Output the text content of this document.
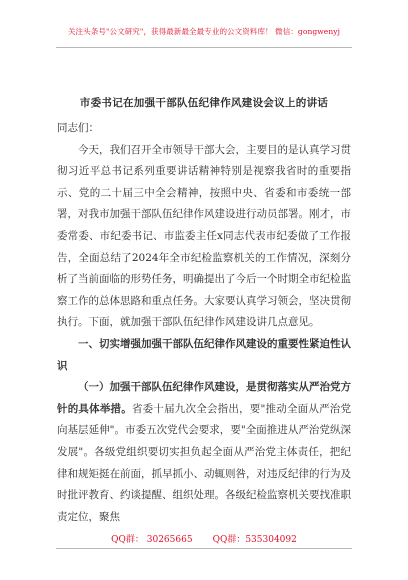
关注头条号"公文研究"，获得最新最全最专业的公文资料库！ 微信：gongwenyj
市委书记在加强干部队伍纪律作风建设会议上的讲话

同志们：

今天，我们召开全市领导干部大会，主要目的是认真学习贯彻习近平总书记系列重要讲话精神特别是视察我省时的重要指示、党的二十届三中全会精神，按照中央、省委和市委统一部署，对我市加强干部队伍纪律作风建设进行动员部署。刚才，市委常委、市纪委书记、市监委主任x同志代表市纪委做了工作报告，全面总结了2024年全市纪检监察机关的工作情况，深刻分析了当前面临的形势任务，明确提出了今后一个时期全市纪检监察工作的总体思路和重点任务。大家要认真学习领会，坚决贯彻执行。下面，就加强干部队伍纪律作风建设讲几点意见。

一、切实增强加强干部队伍纪律作风建设的重要性紧迫性认识

（一）加强干部队伍纪律作风建设，是贯彻落实从严治党方针的具体举措。省委十届九次全会指出，要"推动全面从严治党向基层延伸"。市委五次党代会要求，要"全面推进从严治党纵深发展"。各级党组织要切实担负起全面从严治党主体责任，把纪律和规矩挺在前面，抓早抓小、动辄则咎，对违反纪律的行为及时批评教育、约谈提醒、组织处理。各级纪检监察机关要找准职责定位，聚焦

QQ群： 30265665 QQ群：535304092
